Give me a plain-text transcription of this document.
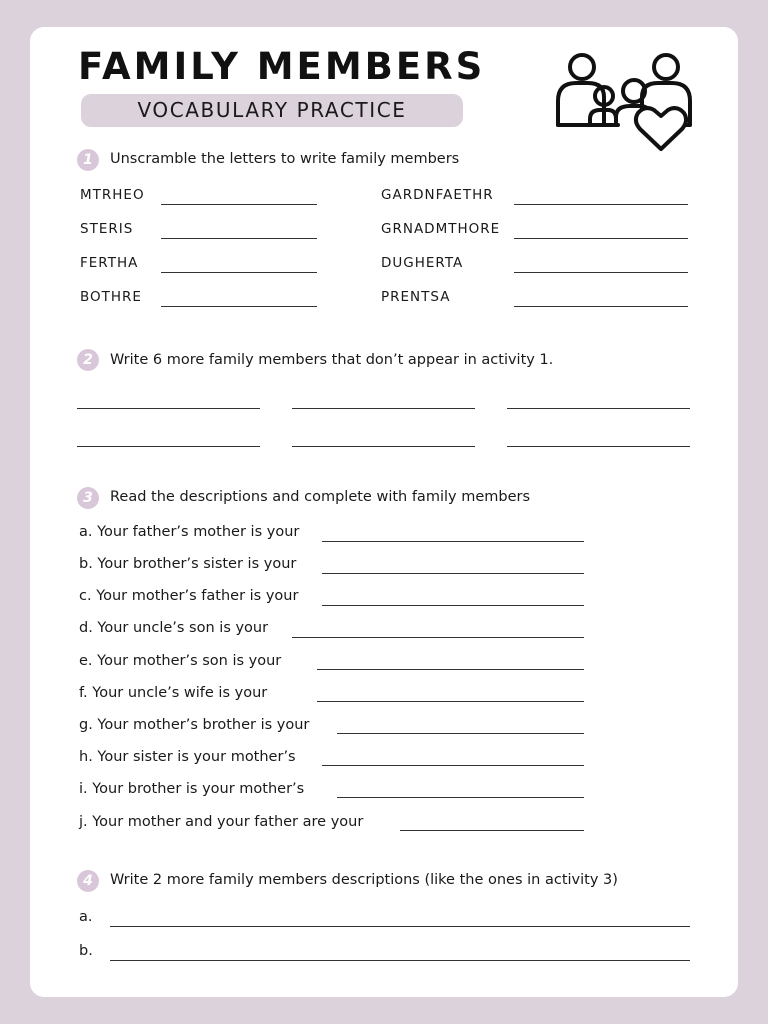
FAMILY MEMBERS
VOCABULARY PRACTICE
1	Unscramble the letters to write family members
MTRHEO
STERIS
FERTHA
BOTHRE
GARDNFAETHR
GRNADMTHORE
DUGHERTA
PRENTSA
2	Write 6 more family members that don’t appear in activity 1.
3	Read the descriptions and complete with family members
a. Your father’s mother is your
b. Your brother’s sister is your
c. Your mother’s father is your
d. Your uncle’s son is your
e. Your mother’s son is your
f. Your uncle’s wife is your
g. Your mother’s brother is your
h. Your sister is your mother’s
i. Your brother is your mother’s
j. Your mother and your father are your
4	Write 2 more family members descriptions (like the ones in activity 3)
a.
b.
